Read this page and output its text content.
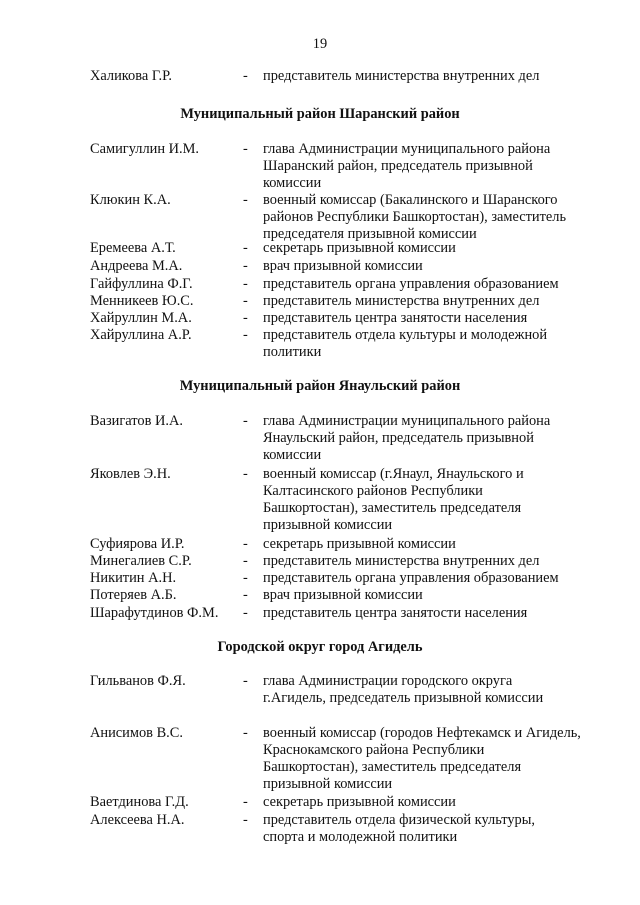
19
Халикова Г.Р.	- представитель министерства внутренних дел
Муниципальный район Шаранский район
Самигуллин И.М.	- глава Администрации муниципального района
Шаранский район, председатель призывной
комиссии
Клюкин К.А.	- военный комиссар (Бакалинского и Шаранского
районов Республики Башкортостан), заместитель
председателя призывной комиссии
Еремеева А.Т.	- секретарь призывной комиссии
Андреева М.А.	- врач призывной комиссии
Гайфуллина Ф.Г.	- представитель органа управления образованием
Менникеев Ю.С.	- представитель министерства внутренних дел
Хайруллин М.А.	- представитель центра занятости населения
Хайруллина А.Р.	- представитель отдела культуры и молодежной
политики
Муниципальный район Янаульский район
Вазигатов И.А.	- глава Администрации муниципального района
Янаульский район, председатель призывной
комиссии
Яковлев Э.Н.	- военный комиссар (г.Янаул, Янаульского и
Калтасинского районов Республики
Башкортостан), заместитель председателя
призывной комиссии
Суфиярова И.Р.	- секретарь призывной комиссии
Минегалиев С.Р.	- представитель министерства внутренних дел
Никитин А.Н.	- представитель органа управления образованием
Потеряев А.Б.	- врач призывной комиссии
Шарафутдинов Ф.М. - представитель центра занятости населения
Городской округ город Агидель
Гильванов Ф.Я.	- глава Администрации городского округа
г.Агидель, председатель призывной комиссии
Анисимов В.С.	- военный комиссар (городов Нефтекамск и Агидель,
Краснокамского района Республики
Башкортостан), заместитель председателя
призывной комиссии
Ваетдинова Г.Д.	- секретарь призывной комиссии
Алексеева Н.А.	- представитель отдела физической культуры,
спорта и молодежной политики
